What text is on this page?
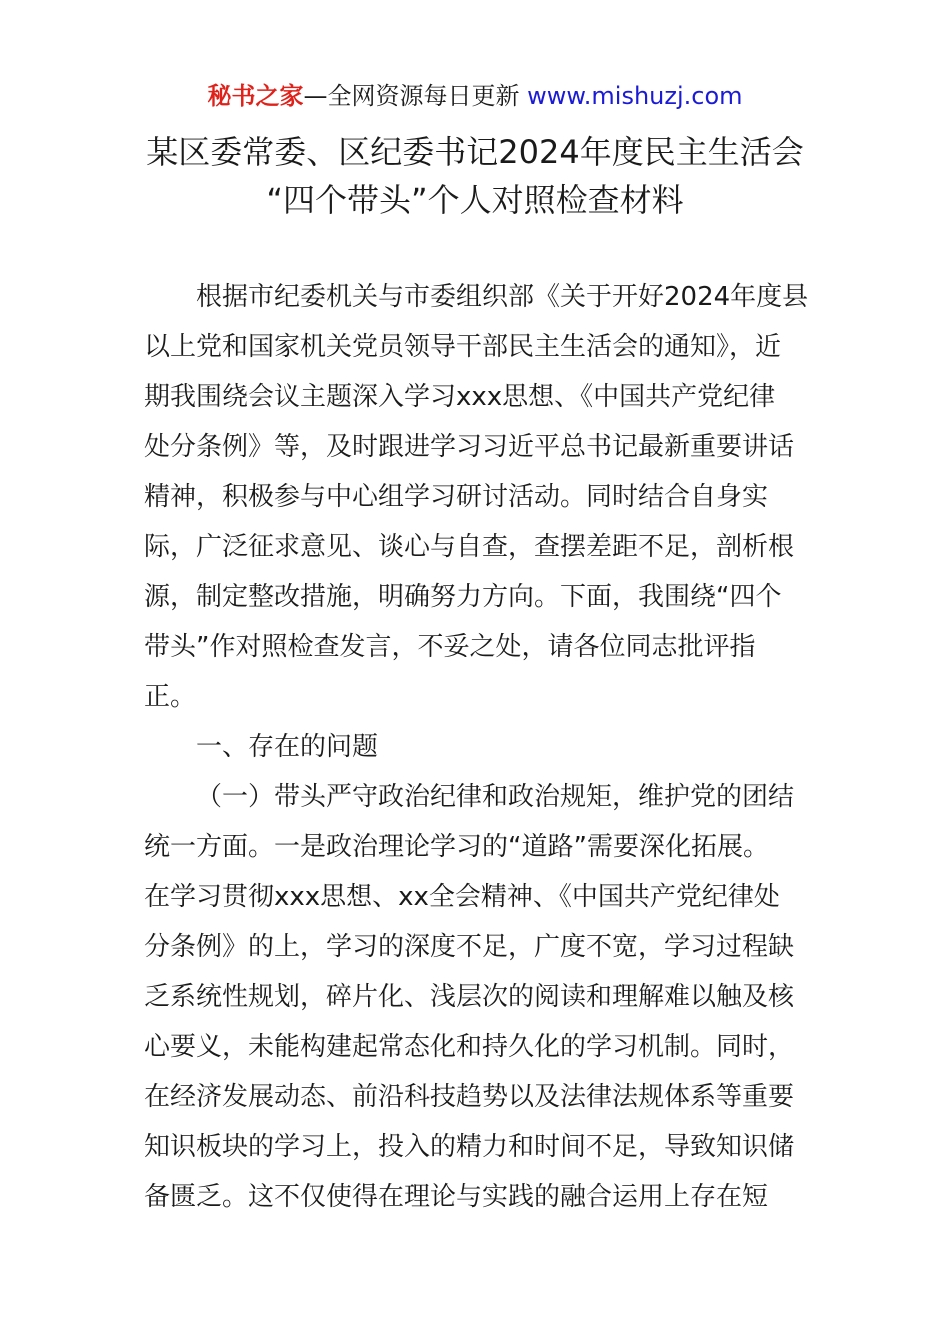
秘书之家—全网资源每日更新 www.mishuzj.com
某区委常委、区纪委书记2024年度民主生活会
“四个带头”个人对照检查材料
根据市纪委机关与市委组织部《关于开好2024年度县
以上党和国家机关党员领导干部民主生活会的通知》，近
期我围绕会议主题深入学习xxx思想、《中国共产党纪律
处分条例》等，及时跟进学习习近平总书记最新重要讲话
精神，积极参与中心组学习研讨活动。同时结合自身实
际，广泛征求意见、谈心与自查，查摆差距不足，剖析根
源，制定整改措施，明确努力方向。下面，我围绕“四个
带头”作对照检查发言，不妥之处，请各位同志批评指
正。
一、存在的问题
（一）带头严守政治纪律和政治规矩，维护党的团结
统一方面。一是政治理论学习的“道路”需要深化拓展。
在学习贯彻xxx思想、xx全会精神、《中国共产党纪律处
分条例》的上，学习的深度不足，广度不宽，学习过程缺
乏系统性规划，碎片化、浅层次的阅读和理解难以触及核
心要义，未能构建起常态化和持久化的学习机制。同时，
在经济发展动态、前沿科技趋势以及法律法规体系等重要
知识板块的学习上，投入的精力和时间不足，导致知识储
备匮乏。这不仅使得在理论与实践的融合运用上存在短
